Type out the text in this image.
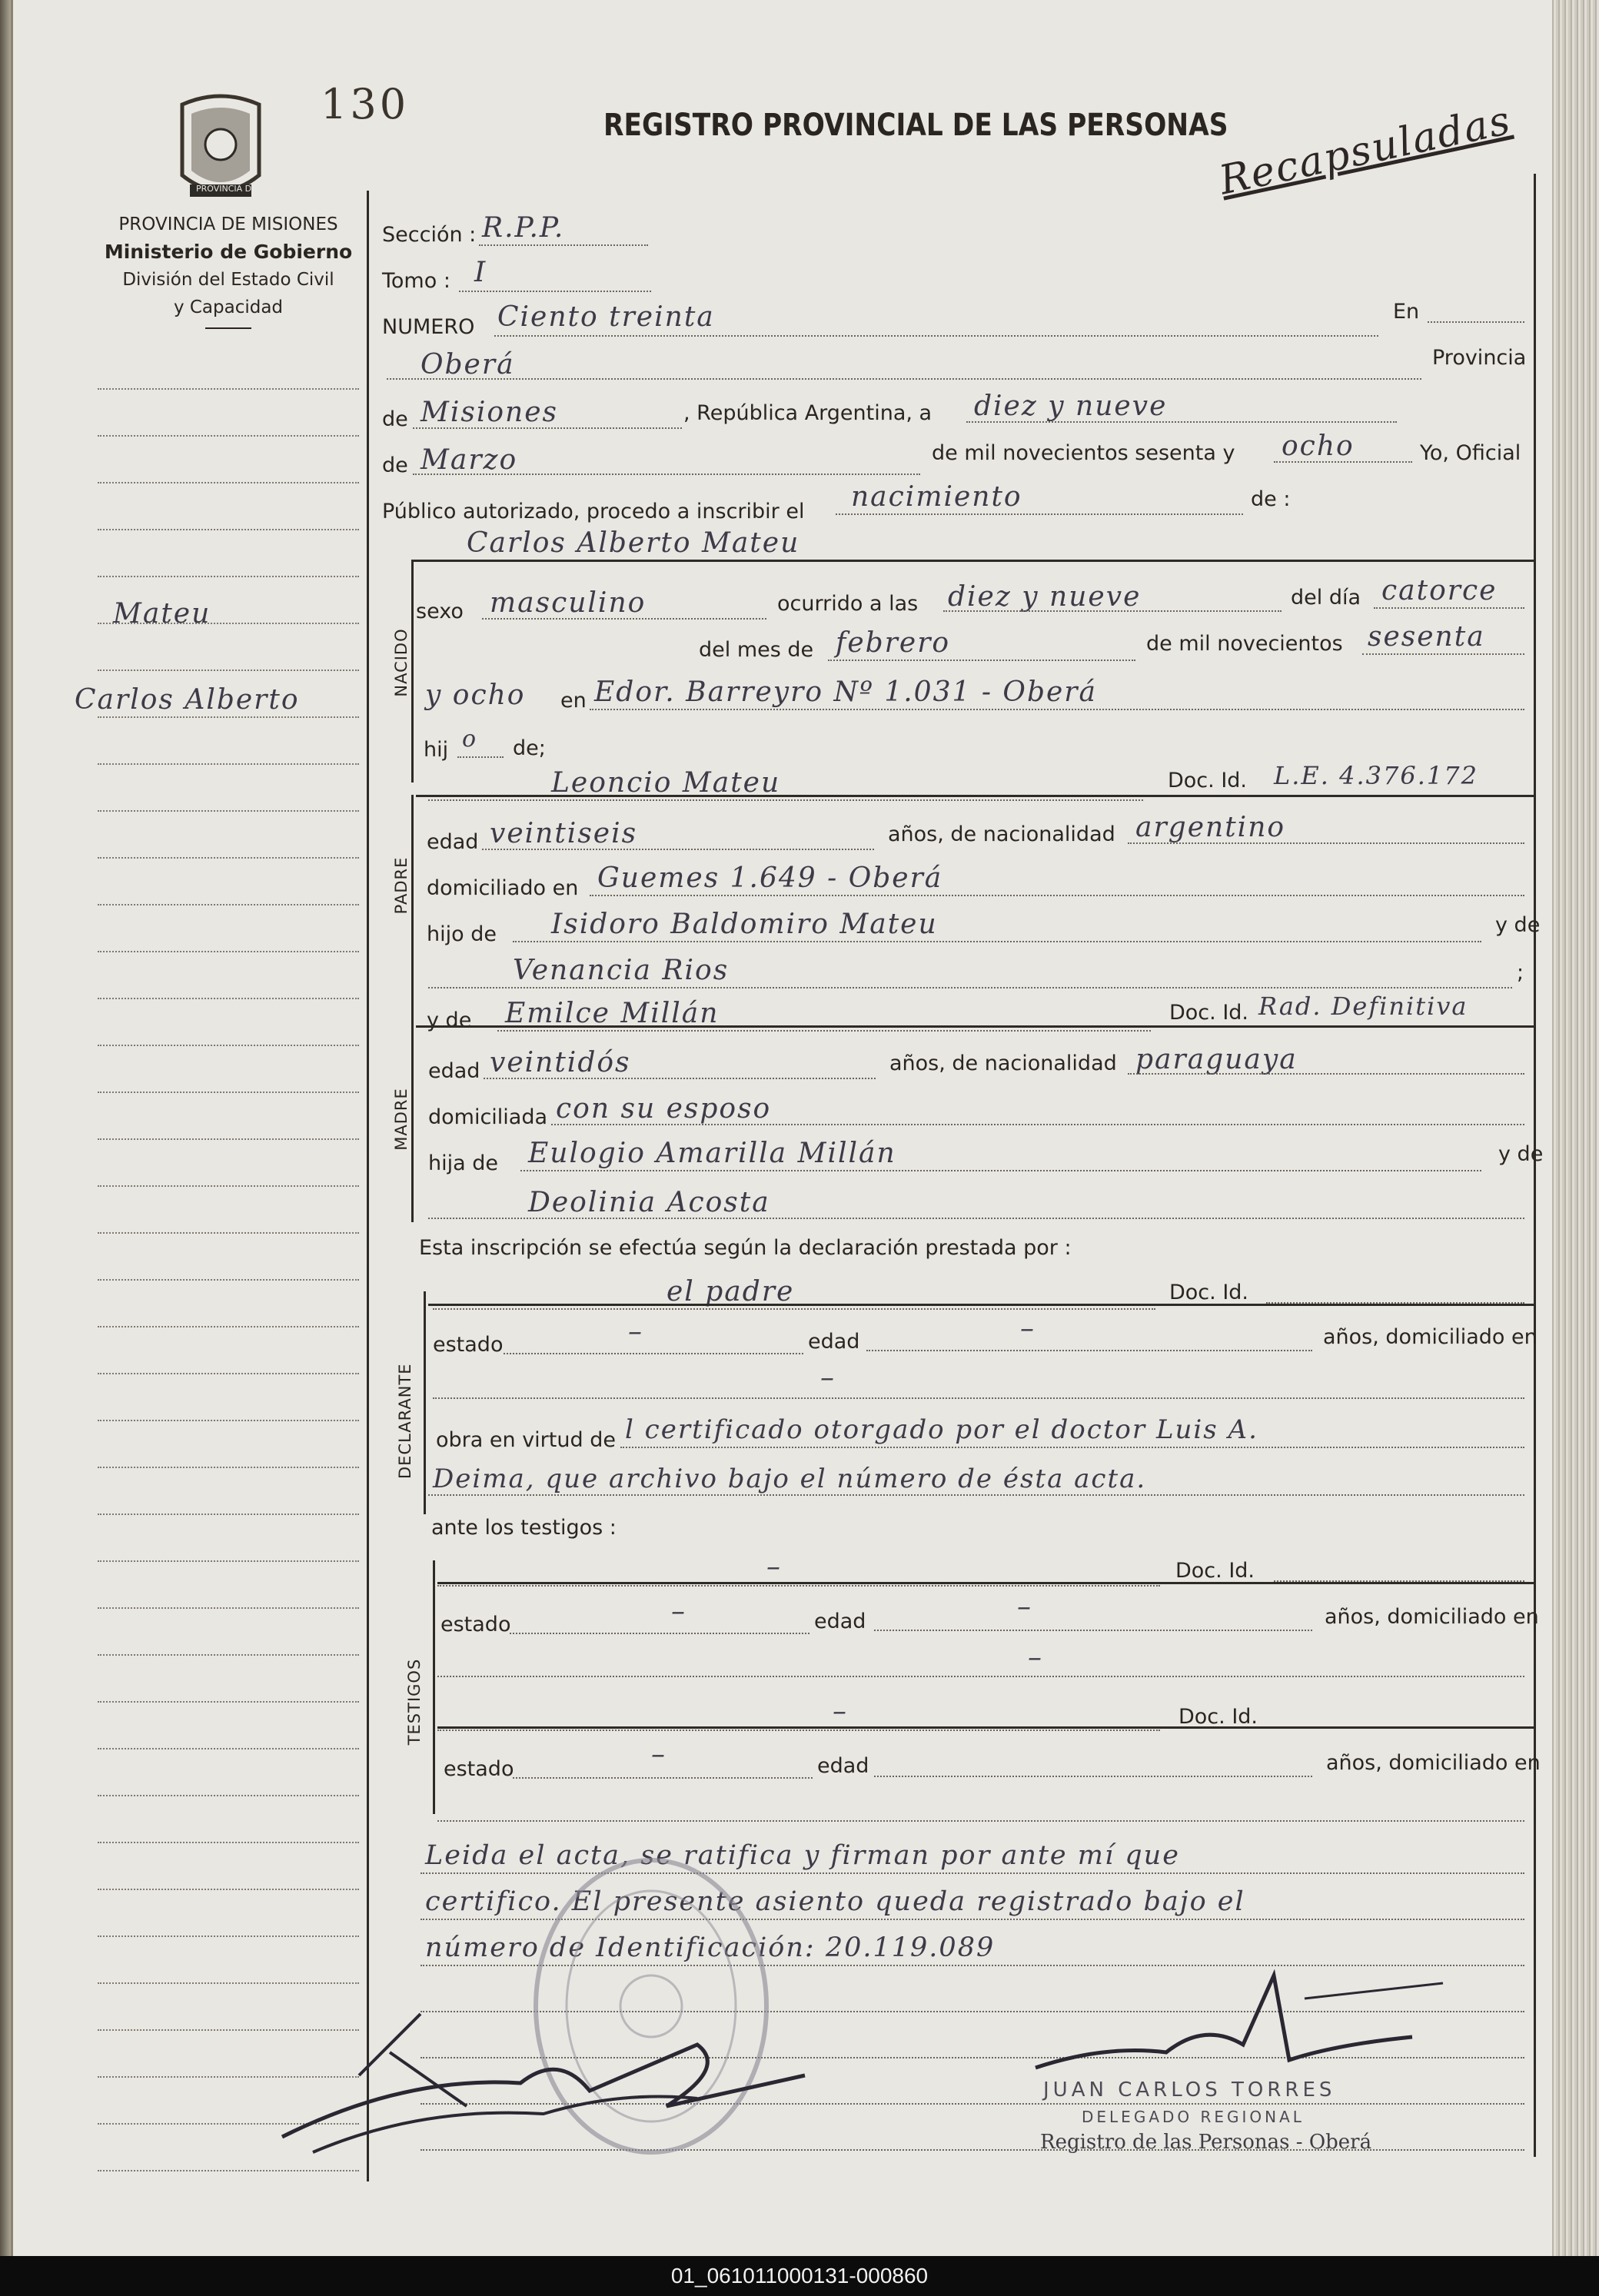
PROVINCIA DE MISIONES
130	REGISTRO PROVINCIAL DE LAS PERSONAS
Recapsuladas
PROVINCIA DE MISIONES
Ministerio de Gobierno
División del Estado Civil
y Capacidad
Mateu
Carlos Alberto
Sección : R.P.P.
Tomo : I
NUMERO Ciento treinta	En
Oberá	Provincia
de Misiones	, República Argentina, a diez y nueve
de Marzo	de mil novecientos sesenta y ocho	Yo, Oficial
Público autorizado, procedo a inscribir el nacimiento	de :
Carlos Alberto Mateu
NACIDO
sexo masculino	ocurrido a las diez y nueve	del día catorce
del mes de febrero	de mil novecientos sesenta
y ocho en Edor. Barreyro Nº 1.031 - Oberá
hij o de;
Leoncio Mateu	Doc. Id. L.E. 4.376.172
PADRE
edad veintiseis	años, de nacionalidad argentino
domiciliado en Guemes 1.649 - Oberá
hijo de Isidoro Baldomiro Mateu	y de
Venancia Rios	;
y de Emilce Millán	Doc. Id. Rad. Definitiva
MADRE
edad veintidós	años, de nacionalidad paraguaya
domiciliada con su esposo
hija de Eulogio Amarilla Millán	y de
Deolinia Acosta
Esta inscripción se efectúa según la declaración prestada por :
el padre	Doc. Id.
DECLARANTE
estado	–	edad	–	años, domiciliado en
–
obra en virtud de l certificado otorgado por el doctor Luis A.
Deima, que archivo bajo el número de ésta acta.
ante los testigos :
–	Doc. Id.
TESTIGOS
estado	–	edad	–	años, domiciliado en
–
–	Doc. Id.
estado	–	edad	años, domiciliado en
Leida el acta, se ratifica y firman por ante mí que
certifico. El presente asiento queda registrado bajo el
número de Identificación: 20.119.089
JUAN CARLOS TORRES
DELEGADO REGIONAL
Registro de las Personas - Oberá
01_061011000131-000860
